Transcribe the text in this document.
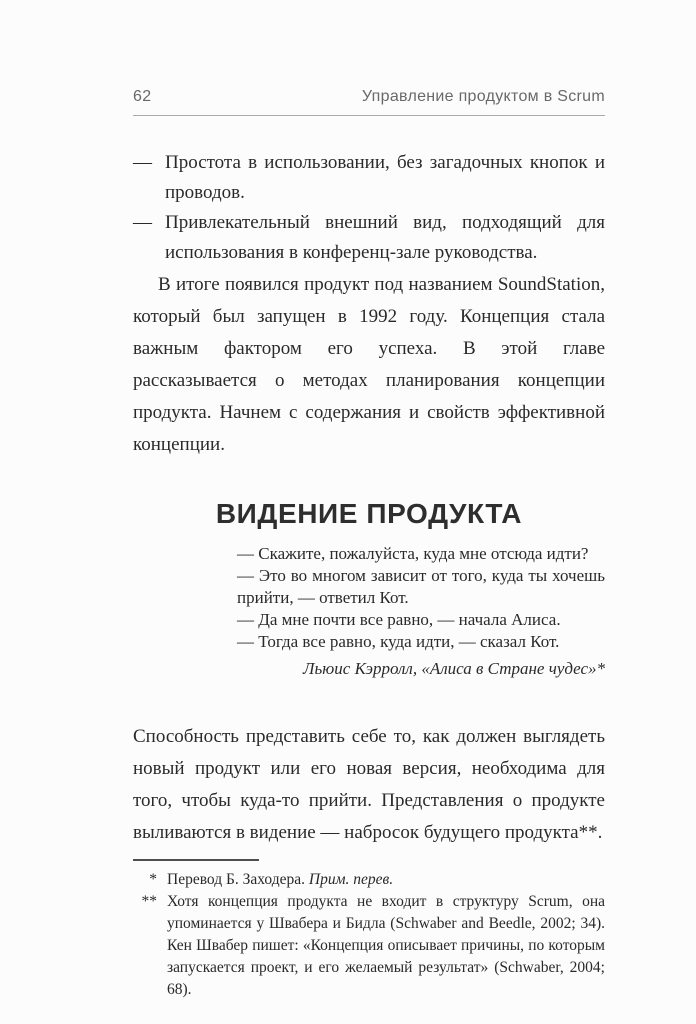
62	Управление продуктом в Scrum
— Простота в использовании, без загадочных кнопок и проводов.
— Привлекательный внешний вид, подходящий для использования в конференц-зале руководства.

В итоге появился продукт под названием SoundStation, который был запущен в 1992 году. Концепция стала важным фактором его успеха. В этой главе рассказывается о методах планирования концепции продукта. Начнем с содержания и свойств эффективной концепции.

ВИДЕНИЕ ПРОДУКТА

— Скажите, пожалуйста, куда мне отсюда идти?

— Это во многом зависит от того, куда ты хочешь прийти, — ответил Кот.

— Да мне почти все равно, — начала Алиса.

— Тогда все равно, куда идти, — сказал Кот.

Льюис Кэрролл, «Алиса в Стране чудес»*

Способность представить себе то, как должен выглядеть новый продукт или его новая версия, необходима для того, чтобы куда-то прийти. Представления о продукте выливаются в видение — набросок будущего продукта**.

* Перевод Б. Заходера. Прим. перев.
** Хотя концепция продукта не входит в структуру Scrum, она упоминается у Швабера и Бидла (Schwaber and Beedle, 2002; 34). Кен Швабер пишет: «Концепция описывает причины, по которым запускается проект, и его желаемый результат» (Schwaber, 2004; 68).
